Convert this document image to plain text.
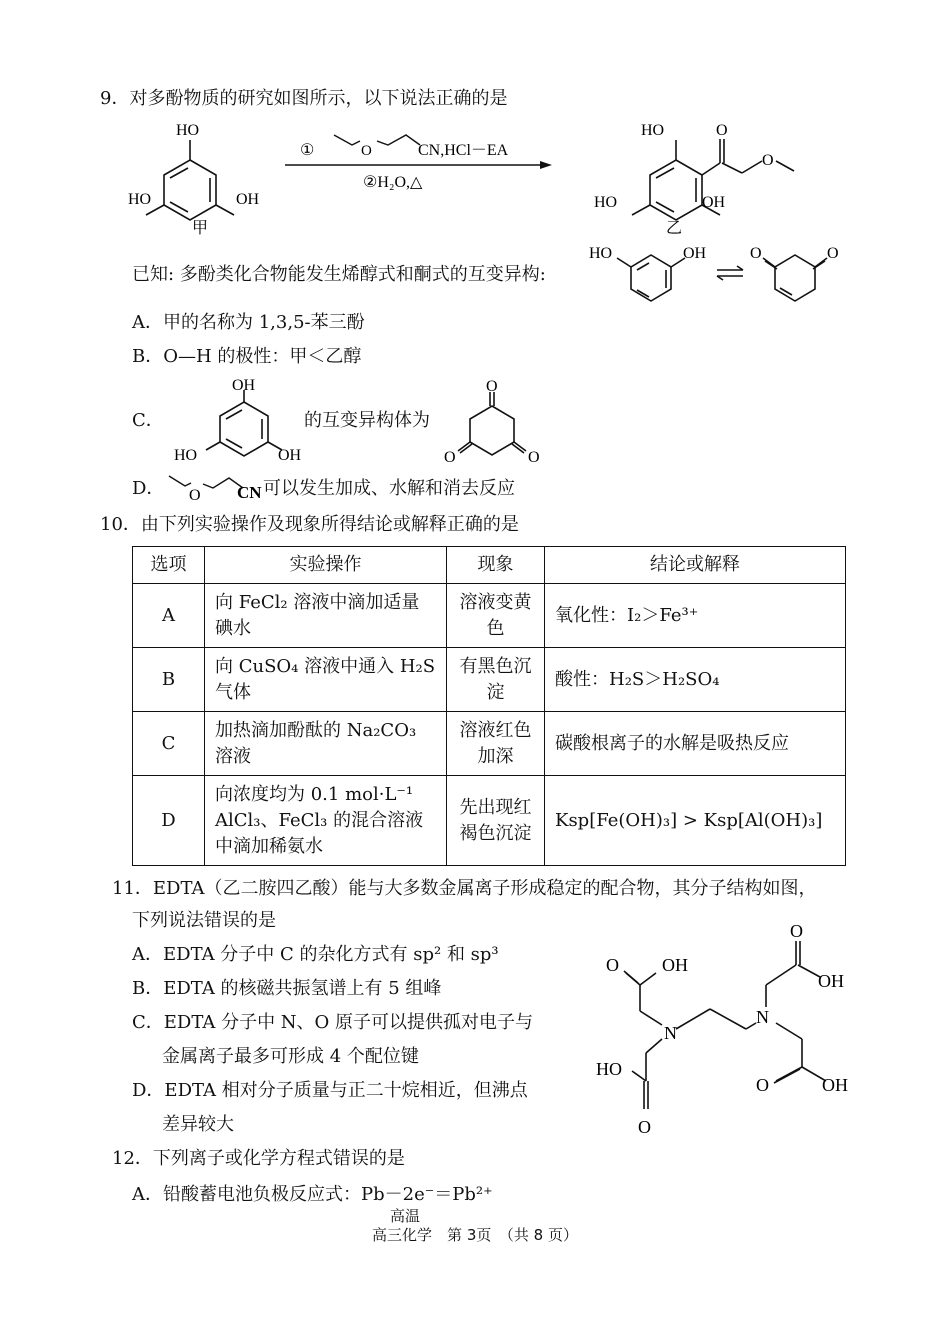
9．对多酚物质的研究如图所示，以下说法正确的是
HO
HO	OH
甲
①	O	CN,HCl－EA
②H₂O,△
HO	O
O
HO	OH
乙
已知: 多酚类化合物能发生烯醇式和酮式的互变异构:
HO	OH	O	O
A．甲的名称为 1,3,5-苯三酚
B．O—H 的极性：甲＜乙醇
C．
OH
HO	OH
的互变异构体为
O
O	O
D． O CN 可以发生加成、水解和消去反应
10．由下列实验操作及现象所得结论或解释正确的是
选项	实验操作	现象	结论或解释
A	向 FeCl₂ 溶液中滴加适量碘水	溶液变黄色	氧化性：I₂＞Fe³⁺
B	向 CuSO₄ 溶液中通入 H₂S 气体	有黑色沉淀	酸性：H₂S＞H₂SO₄
C	加热滴加酚酞的 Na₂CO₃ 溶液	溶液红色加深	碳酸根离子的水解是吸热反应
D	向浓度均为 0.1 mol·L⁻¹ AlCl₃、FeCl₃ 的混合溶液中滴加稀氨水	先出现红褐色沉淀	Ksp[Fe(OH)₃] > Ksp[Al(OH)₃]
11．EDTA（乙二胺四乙酸）能与大多数金属离子形成稳定的配合物，其分子结构如图，
下列说法错误的是
A．EDTA 分子中 C 的杂化方式有 sp² 和 sp³
B．EDTA 的核磁共振氢谱上有 5 组峰
C．EDTA 分子中 N、O 原子可以提供孤对电子与
金属离子最多可形成 4 个配位键
D．EDTA 相对分子质量与正二十烷相近，但沸点
差异较大
O OH
N
HO
O
N
O
OH
O	OH
12．下列离子或化学方程式错误的是
A．铅酸蓄电池负极反应式：Pb－2e⁻＝Pb²⁺
高温
高三化学　第 3页　（共 8 页）
